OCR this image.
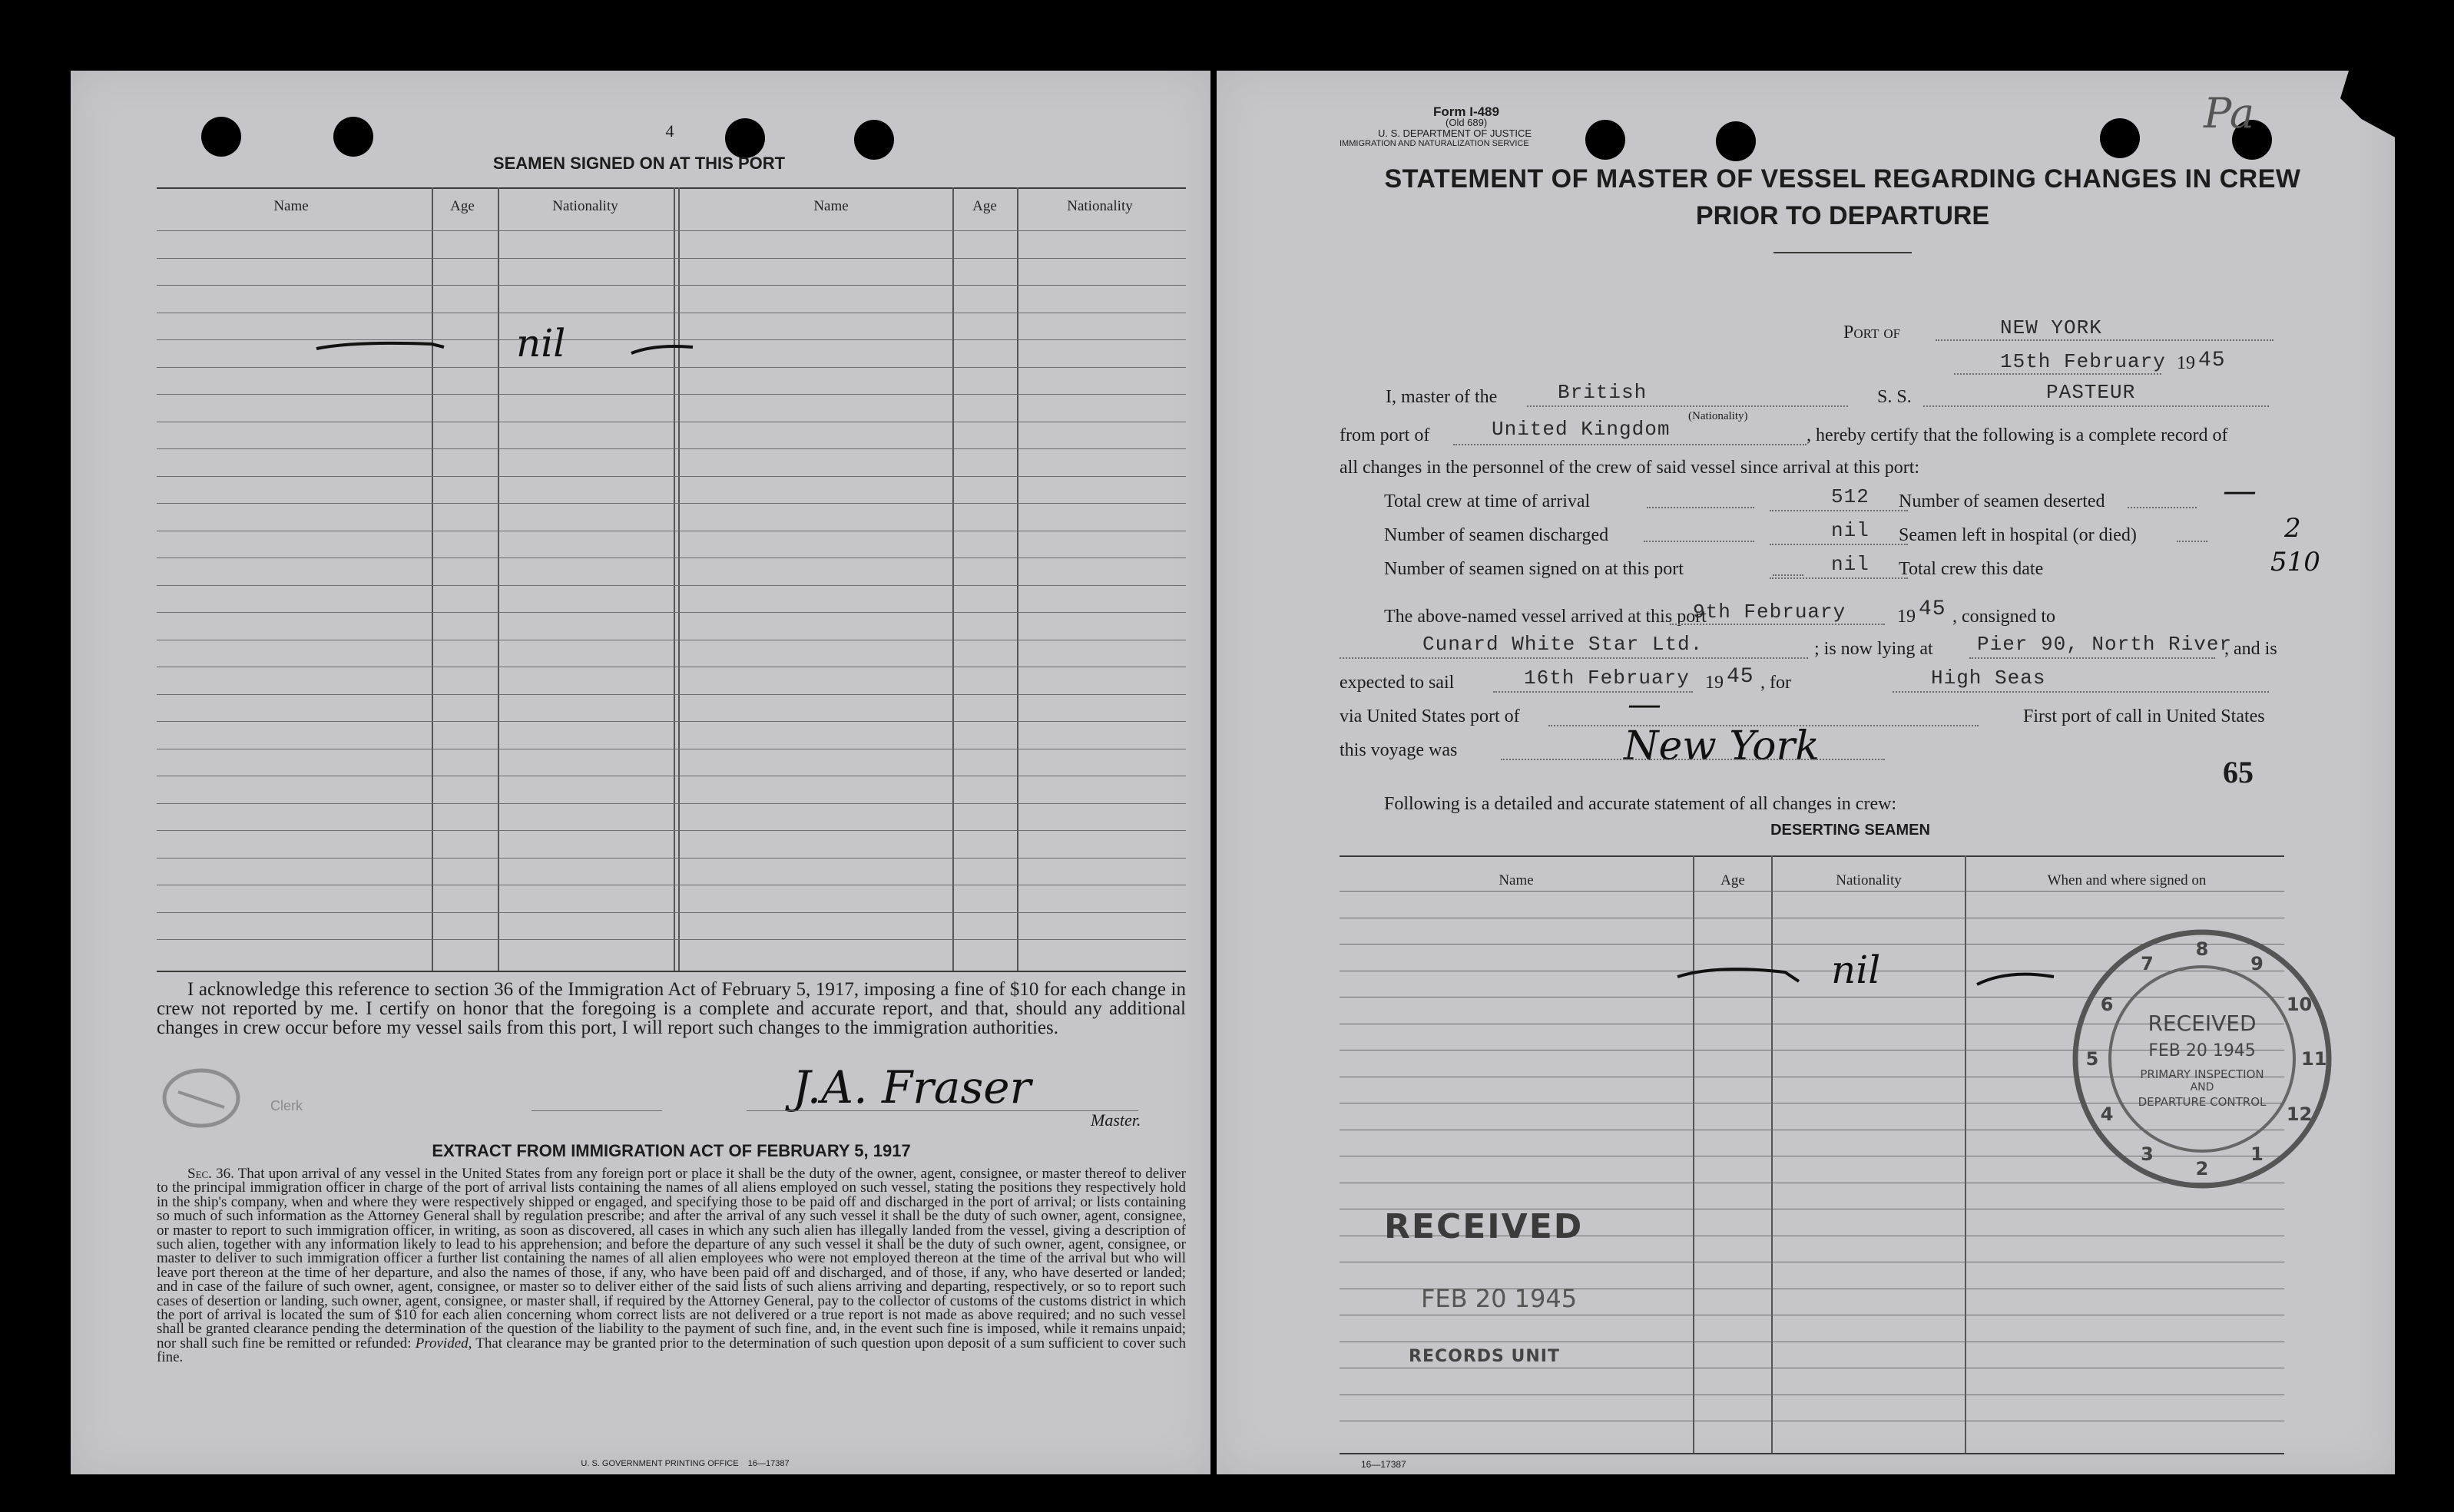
4
SEAMEN SIGNED ON AT THIS PORT
Name	Age	Nationality	Name	Age	Nationality
nil
I acknowledge this reference to section 36 of the Immigration Act of February 5, 1917, imposing a fine of $10 for each change in crew not reported by me. I certify on honor that the foregoing is a complete and accurate report, and that, should any additional changes in crew occur before my vessel sails from this port, I will report such changes to the immigration authorities.
Clerk	J.A. Fraser
Master.
EXTRACT FROM IMMIGRATION ACT OF FEBRUARY 5, 1917
Sec. 36. That upon arrival of any vessel in the United States from any foreign port or place it shall be the duty of the owner, agent, consignee, or master thereof to deliver to the principal immigration officer in charge of the port of arrival lists containing the names of all aliens employed on such vessel, stating the positions they respectively hold in the ship's company, when and where they were respectively shipped or engaged, and specifying those to be paid off and discharged in the port of arrival; or lists containing so much of such information as the Attorney General shall by regulation prescribe; and after the arrival of any such vessel it shall be the duty of such owner, agent, consignee, or master to report to such immigration officer, in writing, as soon as discovered, all cases in which any such alien has illegally landed from the vessel, giving a description of such alien, together with any information likely to lead to his apprehension; and before the departure of any such vessel it shall be the duty of such owner, agent, consignee, or master to deliver to such immigration officer a further list containing the names of all alien employees who were not employed thereon at the time of the arrival but who will leave port thereon at the time of her departure, and also the names of those, if any, who have been paid off and discharged, and of those, if any, who have deserted or landed; and in case of the failure of such owner, agent, consignee, or master so to deliver either of the said lists of such aliens arriving and departing, respectively, or so to report such cases of desertion or landing, such owner, agent, consignee, or master shall, if required by the Attorney General, pay to the collector of customs of the customs district in which the port of arrival is located the sum of $10 for each alien concerning whom correct lists are not delivered or a true report is not made as above required; and no such vessel shall be granted clearance pending the determination of the question of the liability to the payment of such fine, and, in the event such fine is imposed, while it remains unpaid; nor shall such fine be remitted or refunded: Provided, That clearance may be granted prior to the determination of such question upon deposit of a sum sufficient to cover such fine.
U. S. GOVERNMENT PRINTING OFFICE    16—17387
Form I-489
(Old 689)
U. S. DEPARTMENT OF JUSTICE
IMMIGRATION AND NATURALIZATION SERVICE
Pa
STATEMENT OF MASTER OF VESSEL REGARDING CHANGES IN CREW
PRIOR TO DEPARTURE
Port of	NEW YORK
15th February 19 45
I, master of the	British	S. S.	PASTEUR
from port of	United Kingdom
(Nationality)
, hereby certify that the following is a complete record of
all changes in the personnel of the crew of said vessel since arrival at this port:
Total crew at time of arrival	512 Number of seamen deserted	—
Number of seamen discharged	nil Seamen left in hospital (or died)	2
Number of seamen signed on at this port	nil Total crew this date	510
The above-named vessel arrived at this port
9th February	19 45 , consigned to
Cunard White Star Ltd.	; is now lying at Pier 90, North River
, and is
expected to sail	16th February 19 45 , for	High Seas
via United States port of	—	First port of call in United States
this voyage was	New York
65
Following is a detailed and accurate statement of all changes in crew:
DESERTING SEAMEN
Name	Age	Nationality	When and where signed on
nil
RECEIVED
FEB 20 1945
RECORDS UNIT
8
9
10
11
12
1
2
3
4
5
6
7
RECEIVED
FEB 20 1945
PRIMARY INSPECTION
AND
DEPARTURE CONTROL
16—17387
